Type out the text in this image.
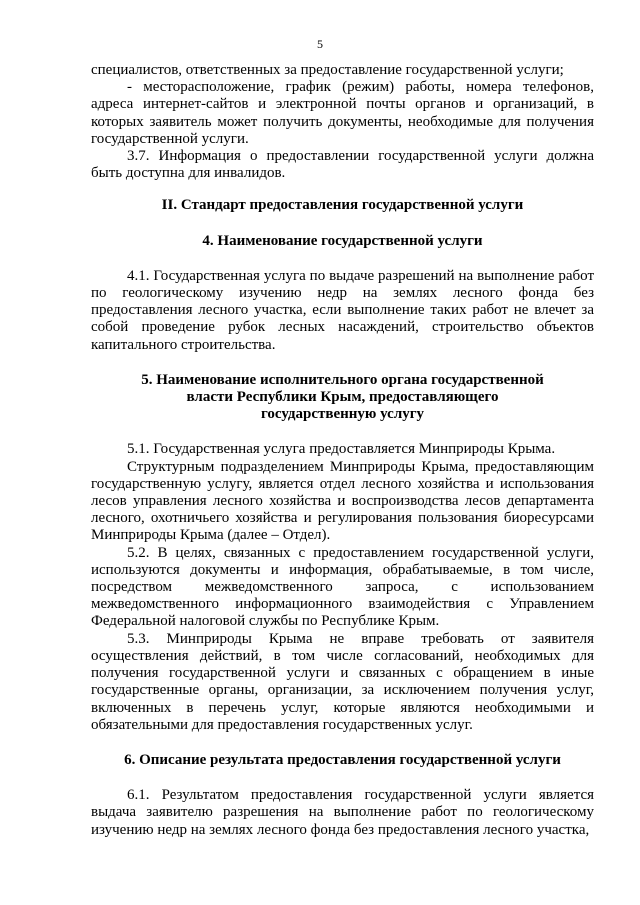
5

специалистов, ответственных за предоставление государственной услуги;

- месторасположение, график (режим) работы, номера телефонов, адреса интернет-сайтов и электронной почты органов и организаций, в которых заявитель может получить документы, необходимые для получения государственной услуги.

3.7. Информация о предоставлении государственной услуги должна быть доступна для инвалидов.

II. Стандарт предоставления государственной услуги

4. Наименование государственной услуги

4.1. Государственная услуга по выдаче разрешений на выполнение работ по геологическому изучению недр на землях лесного фонда без предоставления лесного участка, если выполнение таких работ не влечет за собой проведение рубок лесных насаждений, строительство объектов капитального строительства.

5. Наименование исполнительного органа государственной

власти Республики Крым, предоставляющего

государственную услугу

5.1. Государственная услуга предоставляется Минприроды Крыма.

Структурным подразделением Минприроды Крыма, предоставляющим государственную услугу, является отдел лесного хозяйства и использования лесов управления лесного хозяйства и воспроизводства лесов департамента лесного, охотничьего хозяйства и регулирования пользования биоресурсами Минприроды Крыма (далее – Отдел).

5.2. В целях, связанных с предоставлением государственной услуги, используются документы и информация, обрабатываемые, в том числе, посредством межведомственного запроса, с использованием межведомственного информационного взаимодействия с Управлением Федеральной налоговой службы по Республике Крым.

5.3. Минприроды Крыма не вправе требовать от заявителя осуществления действий, в том числе согласований, необходимых для получения государственной услуги и связанных с обращением в иные государственные органы, организации, за исключением получения услуг, включенных в перечень услуг, которые являются необходимыми и обязательными для предоставления государственных услуг.

6. Описание результата предоставления государственной услуги

6.1. Результатом предоставления государственной услуги является выдача заявителю разрешения на выполнение работ по геологическому изучению недр на землях лесного фонда без предоставления лесного участка,
